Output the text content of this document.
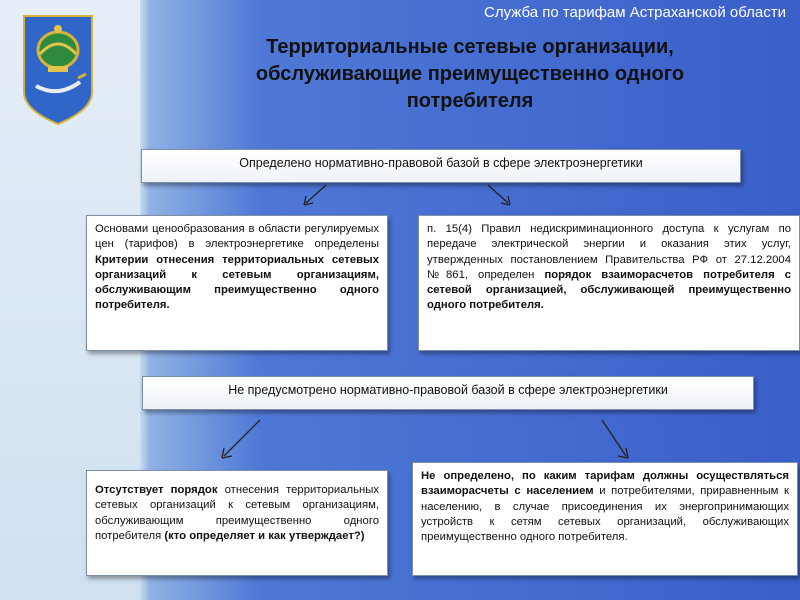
Служба по тарифам Астраханской области
Территориальные сетевые организации,
обслуживающие преимущественно одного
потребителя
Определено нормативно-правовой базой в сфере электроэнергетики
Основами ценообразования в области регулируемых цен (тарифов) в электроэнергетике определены Критерии отнесения территориальных сетевых организаций к сетевым организациям, обслуживающим преимущественно одного потребителя.
п. 15(4) Правил недискриминационного доступа к услугам по передаче электрической энергии и оказания этих услуг, утвержденных постановлением Правительства РФ от 27.12.2004 №861, определен порядок взаиморасчетов потребителя с сетевой организацией, обслуживающей преимущественно одного потребителя.
Не предусмотрено нормативно-правовой базой в сфере электроэнергетики
Отсутствует порядок отнесения территориальных сетевых организаций к сетевым организациям, обслуживающим преимущественно одного потребителя (кто определяет и как утверждает?)
Не определено, по каким тарифам должны осуществляться взаиморасчеты с населением и потребителями, приравненным к населению, в случае присоединения их энергопринимающих устройств к сетям сетевых организаций, обслуживающих преимущественно одного потребителя.
MyShared
